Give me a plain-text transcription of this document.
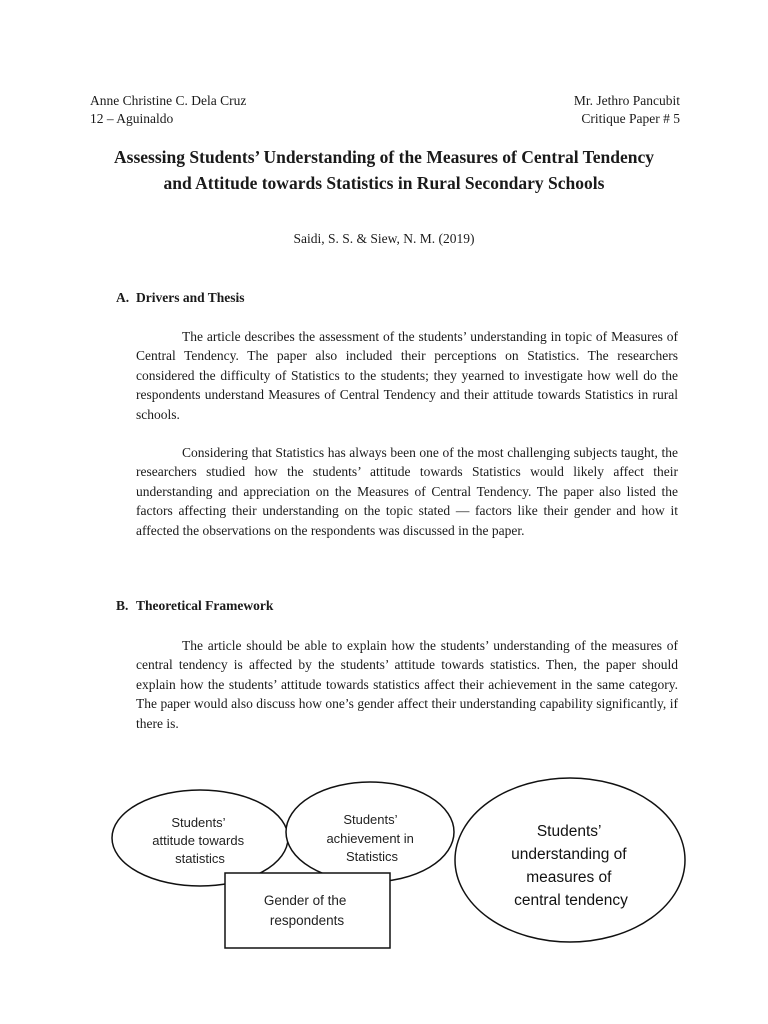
Anne Christine C. Dela Cruz
12 – Aguinaldo
Mr. Jethro Pancubit
Critique Paper # 5
Assessing Students’ Understanding of the Measures of Central Tendency and Attitude towards Statistics in Rural Secondary Schools
Saidi, S. S. & Siew, N. M. (2019)
A. Drivers and Thesis

The article describes the assessment of the students’ understanding in topic of Measures of Central Tendency. The paper also included their perceptions on Statistics. The researchers considered the difficulty of Statistics to the students; they yearned to investigate how well do the respondents understand Measures of Central Tendency and their attitude towards Statistics in rural schools.

Considering that Statistics has always been one of the most challenging subjects taught, the researchers studied how the students’ attitude towards Statistics would likely affect their understanding and appreciation on the Measures of Central Tendency. The paper also listed the factors affecting their understanding on the topic stated — factors like their gender and how it affected the observations on the respondents was discussed in the paper.

B. Theoretical Framework

The article should be able to explain how the students’ understanding of the measures of central tendency is affected by the students’ attitude towards statistics. Then, the paper should explain how the students’ attitude towards statistics affect their achievement in the same category. The paper would also discuss how one’s gender affect their understanding capability significantly, if there is.

Students’ attitude towards statistics
Students’ achievement in Statistics
Gender of the respondents
Students’ understanding of measures of central tendency
